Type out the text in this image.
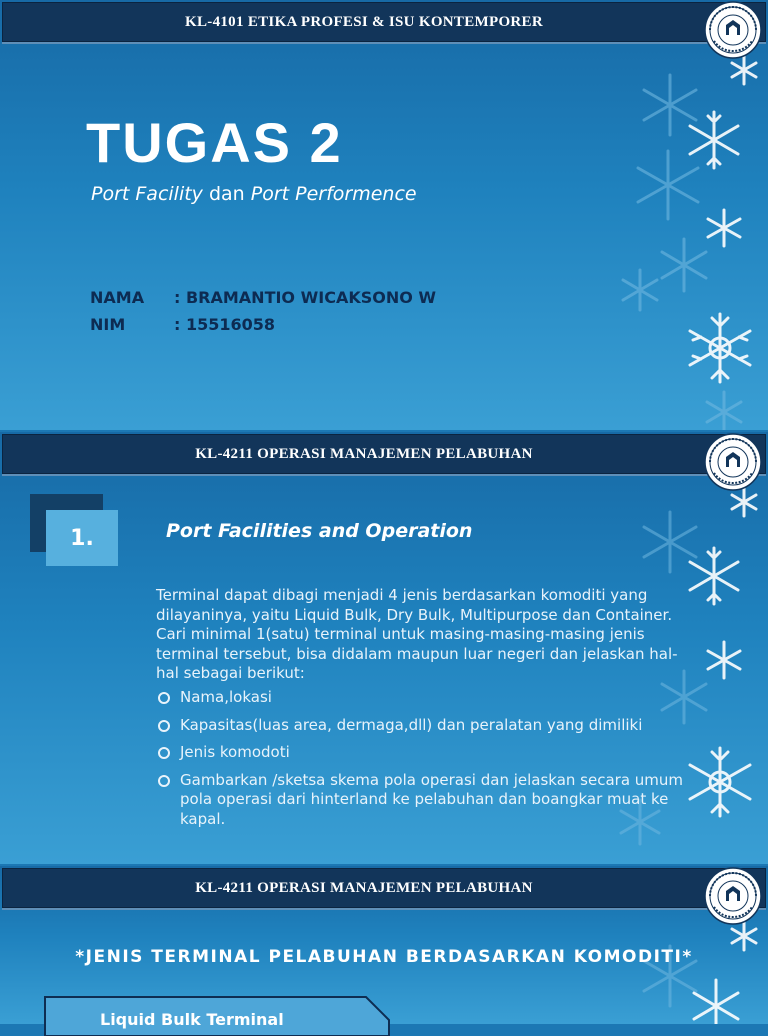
KL-4101 ETIKA PROFESI & ISU KONTEMPORER
TUGAS 2
Port Facility dan Port Performence
NAMA : BRAMANTIO WICAKSONO W
NIM	: 15516058
KL-4211 OPERASI MANAJEMEN PELABUHAN
1.	Port Facilities and Operation
Terminal dapat dibagi menjadi 4 jenis berdasarkan komoditi yang dilayaninya, yaitu Liquid Bulk, Dry Bulk, Multipurpose dan Container. Cari minimal 1(satu) terminal untuk masing-masing-masing jenis terminal tersebut, bisa didalam maupun luar negeri dan jelaskan hal-hal sebagai berikut:
Nama,lokasi
Kapasitas(luas area, dermaga,dll) dan peralatan yang dimiliki
Jenis komodoti
Gambarkan /sketsa skema pola operasi dan jelaskan secara umum pola operasi dari hinterland ke pelabuhan dan boangkar muat ke kapal.
KL-4211 OPERASI MANAJEMEN PELABUHAN
*JENIS TERMINAL PELABUHAN BERDASARKAN KOMODITI*
Liquid Bulk Terminal
